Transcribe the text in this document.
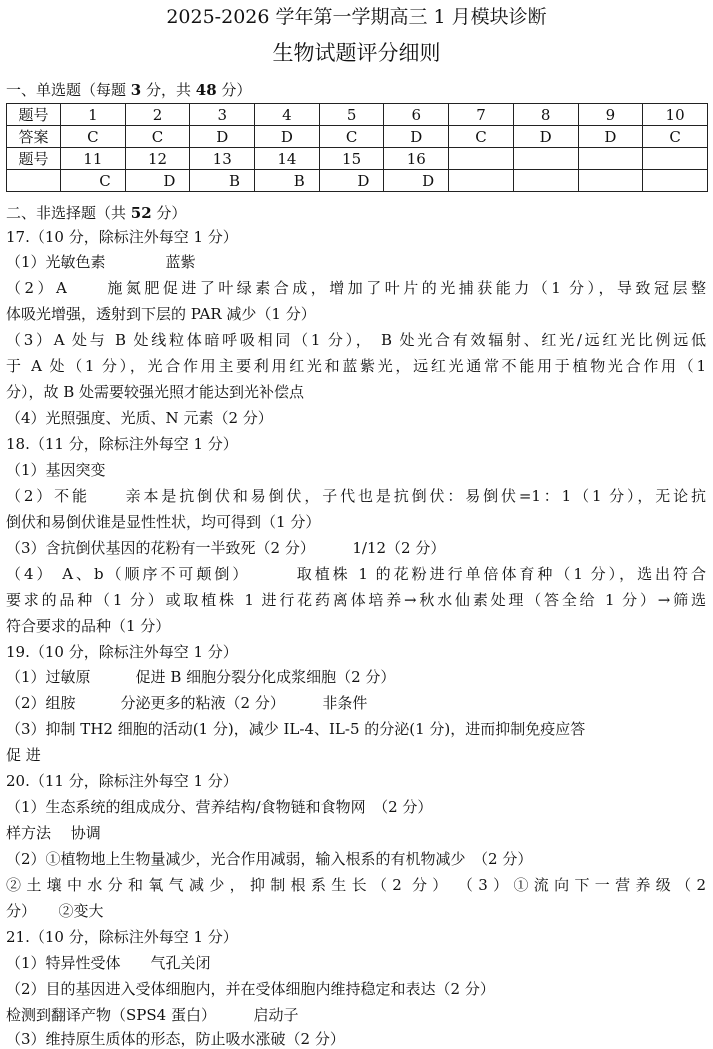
2025-2026 学年第一学期高三 1 月模块诊断
生物试题评分细则
一、单选题（每题 3 分，共 48 分）
题号	1	2	3	4	5	6	7	8	9	10
答案	C	C	D	D	C	D	C	D	D	C
题号	11	12	13	14	15	16				
	C	D	B	B	D	D				
二、非选择题（共 52 分）
17.（10 分，除标注外每空 1 分）
（1）光敏色素　　　　蓝紫
（2）A　　施氮肥促进了叶绿素合成，增加了叶片的光捕获能力（1 分），导致冠层整
体吸光增强，透射到下层的 PAR 减少（1 分）
（3）A 处与 B 处线粒体暗呼吸相同（1 分）， B 处光合有效辐射、红光/远红光比例远低
于 A 处（1 分），光合作用主要利用红光和蓝紫光，远红光通常不能用于植物光合作用（1
分），故 B 处需要较强光照才能达到光补偿点
（4）光照强度、光质、N 元素（2 分）
18.（11 分，除标注外每空 1 分）
（1）基因突变
（2）不能　　亲本是抗倒伏和易倒伏，子代也是抗倒伏：易倒伏=1：1（1 分），无论抗
倒伏和易倒伏谁是显性性状，均可得到（1 分）
（3）含抗倒伏基因的花粉有一半致死（2 分）　　　1/12（2 分）
（4） A、b（顺序不可颠倒）　　　取植株 1 的花粉进行单倍体育种（1 分），选出符合
要求的品种（1 分）或取植株 1 进行花药离体培养→秋水仙素处理（答全给 1 分）→筛选
符合要求的品种（1 分）
19.（10 分，除标注外每空 1 分）
（1）过敏原　　　促进 B 细胞分裂分化成浆细胞（2 分）
（2）组胺　　　分泌更多的粘液（2 分）　　　非条件
（3）抑制 TH2 细胞的活动(1 分)，减少 IL-4、IL-5 的分泌(1 分)，进而抑制免疫应答
促 进
20.（11 分，除标注外每空 1 分）
（1）生态系统的组成成分、营养结构/食物链和食物网　（2 分）
样方法　 协调
（2）①植物地上生物量减少，光合作用减弱，输入根系的有机物减少　（2 分）
②土壤中水分和氧气减少，抑制根系生长（2 分）　（3）①流向下一营养级（2
分）　　②变大
21.（10 分，除标注外每空 1 分）
（1）特异性受体　　气孔关闭
（2）目的基因进入受体细胞内，并在受体细胞内维持稳定和表达（2 分）
检测到翻译产物（SPS4 蛋白）　　　启动子
（3）维持原生质体的形态，防止吸水涨破（2 分）
